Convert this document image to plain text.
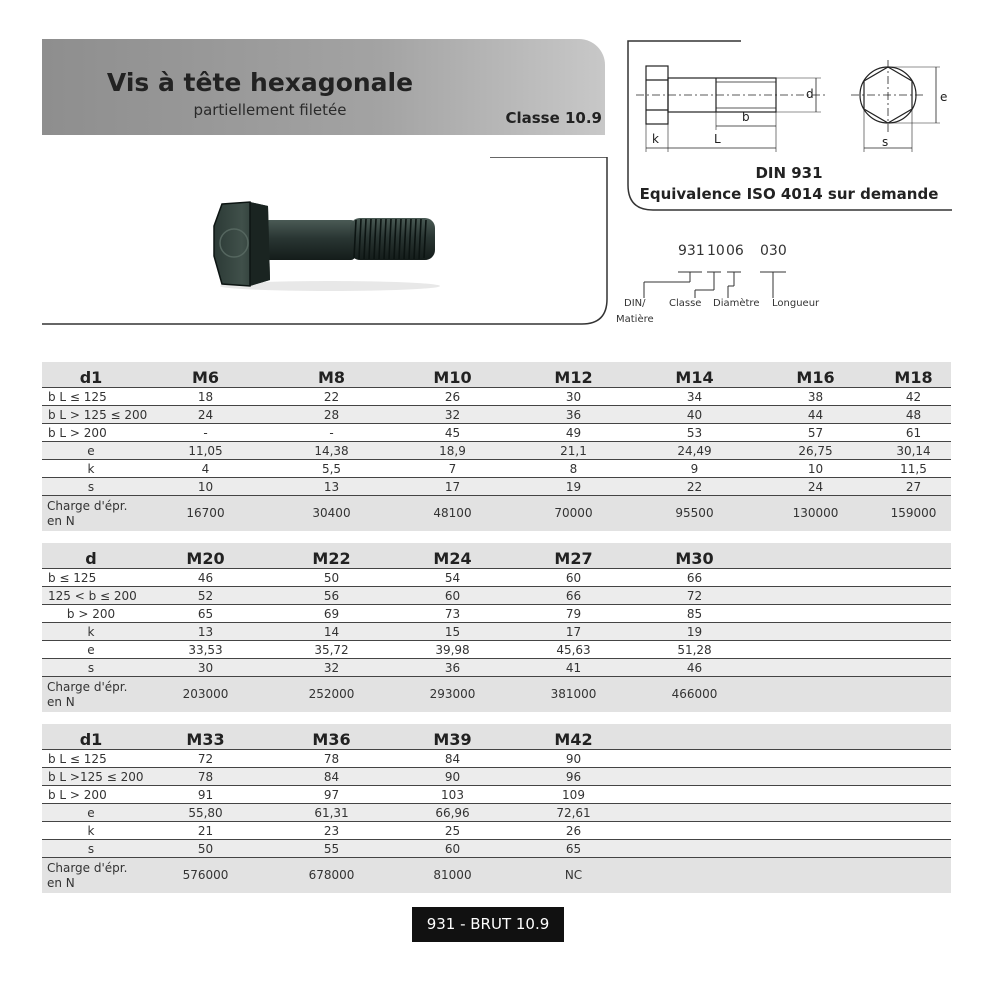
Vis à tête hexagonale
partiellement filetée	Classe 10.9	b
L
k
d
s
e
DIN 931
Equivalence ISO 4014 sur demande
931 10 06 030
DIN/
Matière
Classe Diamètre Longueur
d1	M6	M8	M10	M12	M14	M16	M18
b L ≤ 125	18	22	26	30	34	38	42
b L > 125 ≤ 200	24	28	32	36	40	44	48
b L > 200	-	-	45	49	53	57	61
e	11,05	14,38	18,9	21,1	24,49	26,75	30,14
k	4	5,5	7	8	9	10	11,5
s	10	13	17	19	22	24	27
Charge d'épr. en N	16700	30400	48100	70000	95500	130000	159000
d	M20	M22	M24	M27	M30		
b ≤ 125	46	50	54	60	66		
125 < b ≤ 200	52	56	60	66	72		
b > 200	65	69	73	79	85		
k	13	14	15	17	19		
e	33,53	35,72	39,98	45,63	51,28		
s	30	32	36	41	46		
Charge d'épr. en N	203000	252000	293000	381000	466000		
d1	M33	M36	M39	M42			
b L ≤ 125	72	78	84	90			
b L >125 ≤ 200	78	84	90	96			
b L > 200	91	97	103	109			
e	55,80	61,31	66,96	72,61			
k	21	23	25	26			
s	50	55	60	65			
Charge d'épr. en N	576000	678000	81000	NC			
931 - BRUT 10.9
